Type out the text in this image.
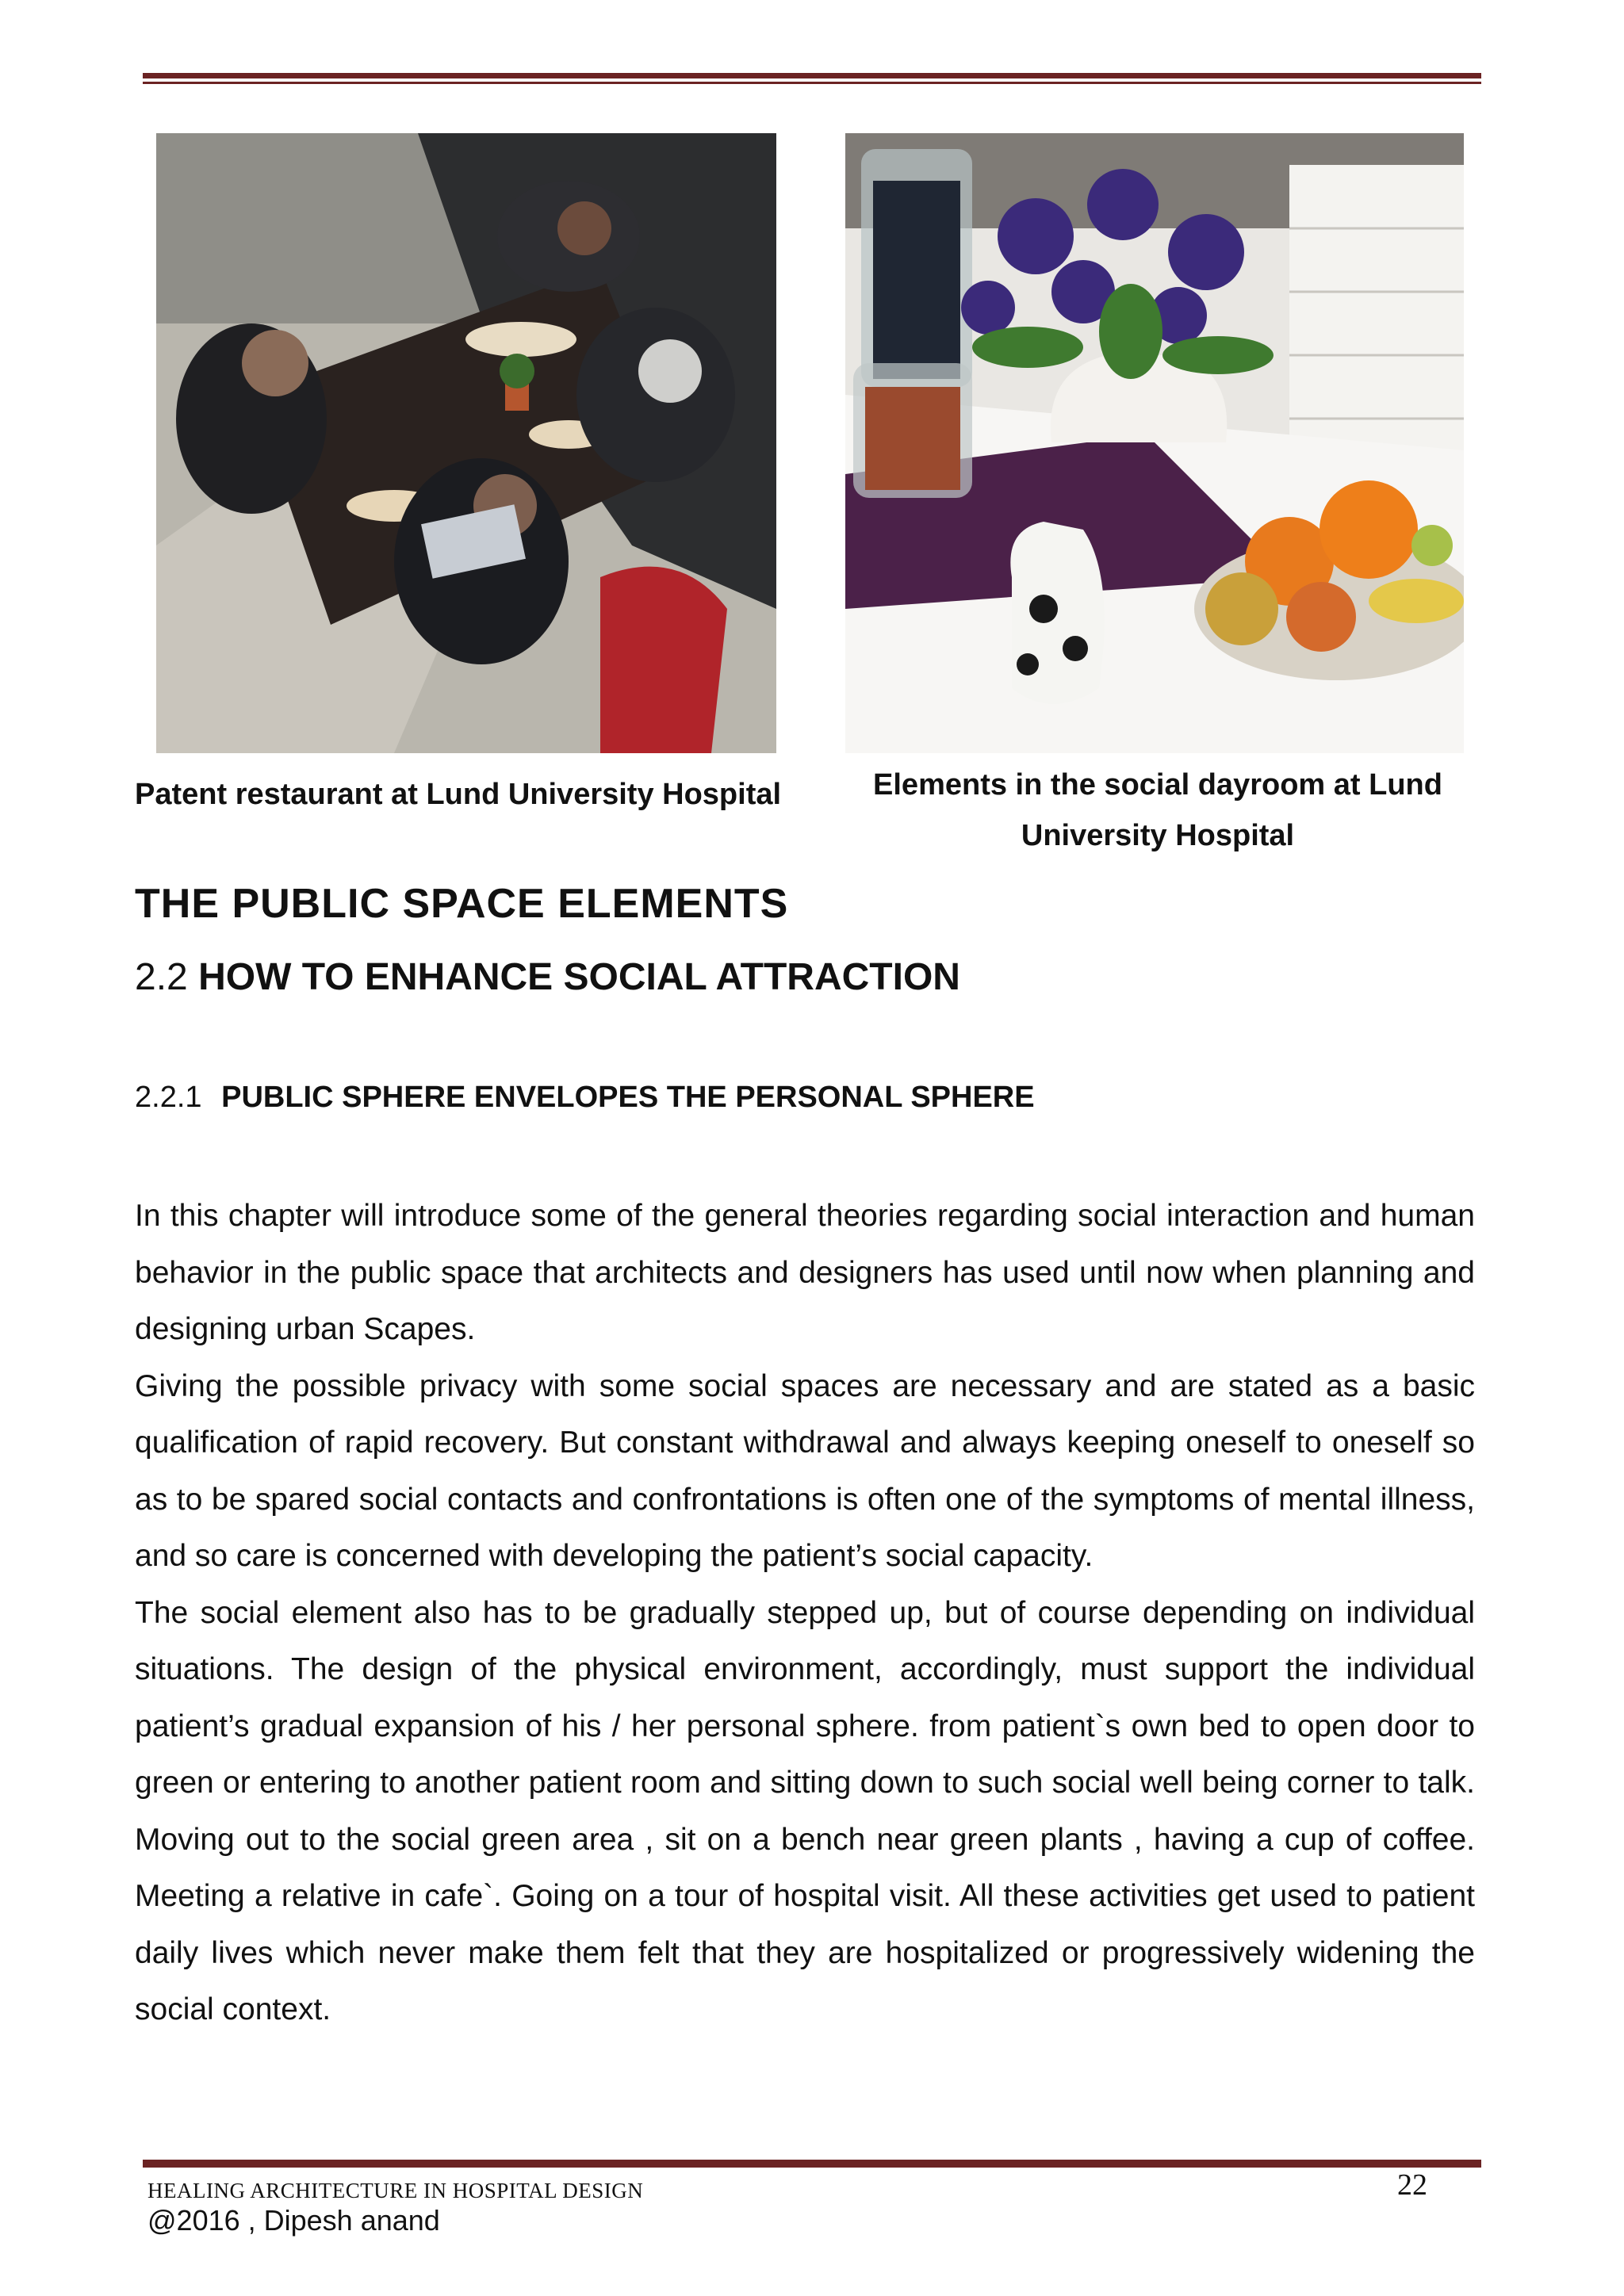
Patent restaurant at Lund University Hospital	Elements in the social dayroom at Lund
University Hospital
THE PUBLIC SPACE ELEMENTS
2.2 HOW TO ENHANCE SOCIAL ATTRACTION
2.2.1 PUBLIC SPHERE ENVELOPES THE PERSONAL SPHERE

In this chapter will introduce some of the general theories regarding social interaction and human behavior in the public space that architects and designers has used until now when planning and designing urban Scapes.

Giving the possible privacy with some social spaces are necessary and are stated as a basic qualification of rapid recovery. But constant withdrawal and always keeping oneself to oneself so as to be spared social contacts and confrontations is often one of the symptoms of mental illness, and so care is concerned with developing the patient’s social capacity.

The social element also has to be gradually stepped up, but of course depending on individual situations. The design of the physical environment, accordingly, must support the individual patient’s gradual expansion of his / her personal sphere. from patient`s own bed to open door to green or entering to another patient room and sitting down to such social well being corner to talk. Moving out to the social green area , sit on a bench near green plants , having a cup of coffee. Meeting a relative in cafe`. Going on a tour of hospital visit. All these activities get used to patient daily lives which never make them felt that they are hospitalized or progressively widening the social context.

HEALING ARCHITECTURE IN HOSPITAL DESIGN	22
@2016 , Dipesh anand
